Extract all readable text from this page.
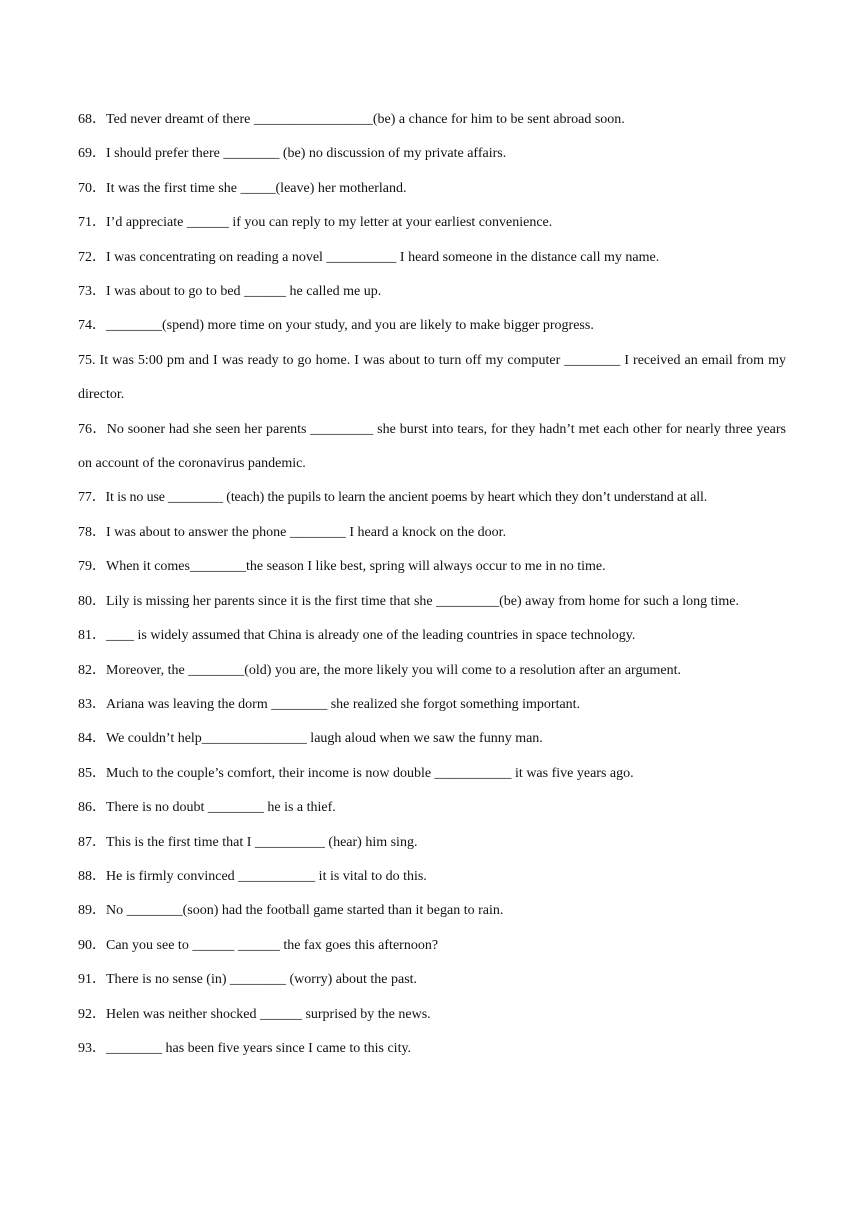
68．Ted never dreamt of there _________________(be) a chance for him to be sent abroad soon.

69．I should prefer there ________ (be) no discussion of my private affairs.

70．It was the first time she _____(leave) her motherland.

71．I’d appreciate ______ if you can reply to my letter at your earliest convenience.

72．I was concentrating on reading a novel __________ I heard someone in the distance call my name.

73．I was about to go to bed ______ he called me up.

74．________(spend) more time on your study, and you are likely to make bigger progress.

75. It was 5:00 pm and I was ready to go home. I was about to turn off my computer ________ I received an email from my director.

76．No sooner had she seen her parents _________ she burst into tears, for they hadn’t met each other for nearly three years on account of the coronavirus pandemic.

77．It is no use ________ (teach) the pupils to learn the ancient poems by heart which they don’t understand at all.

78．I was about to answer the phone ________ I heard a knock on the door.

79．When it comes________the season I like best, spring will always occur to me in no time.

80．Lily is missing her parents since it is the first time that she _________(be) away from home for such a long time.

81．____ is widely assumed that China is already one of the leading countries in space technology.

82．Moreover, the ________(old) you are, the more likely you will come to a resolution after an argument.

83．Ariana was leaving the dorm ________ she realized she forgot something important.

84．We couldn’t help_______________ laugh aloud when we saw the funny man.

85．Much to the couple’s comfort, their income is now double ___________ it was five years ago.

86．There is no doubt ________ he is a thief.

87．This is the first time that I __________ (hear) him sing.

88．He is firmly convinced ___________ it is vital to do this.

89．No ________(soon) had the football game started than it began to rain.

90．Can you see to ______ ______ the fax goes this afternoon?

91．There is no sense (in) ________ (worry) about the past.

92．Helen was neither shocked ______ surprised by the news.

93．________ has been five years since I came to this city.
